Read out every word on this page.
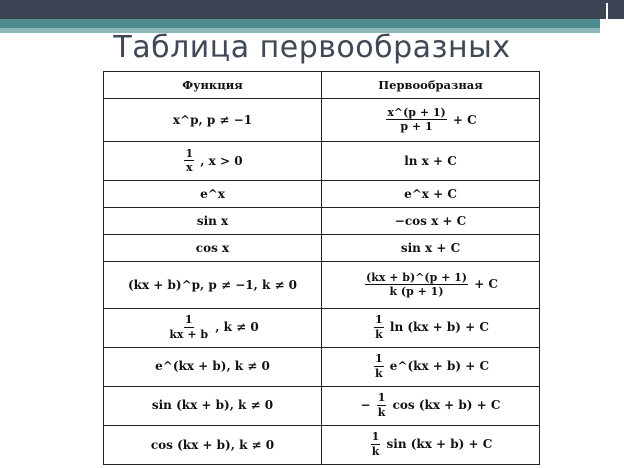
Таблица первообразных
Функция	Первообразная
x^p, p ≠ −1	$\frac{x\^{}(p + 1)}{p + 1} + C$

$\frac{1}{x}$ , x > 0	ln x + C
e^x	e^x + C
sin x	−cos x + C
cos x	sin x + C
(kx + b)^p, p ≠ −1, k ≠ 0	$\frac{(kx + b)\^{}(p + 1)}{k (p + 1)} + C$

$\frac{1}{kx + b}$ , k ≠ 0	$\frac{1}{k}$ ln (kx + b) + C
e^(kx + b), k ≠ 0	$\frac{1}{k}$ e^(kx + b) + C
sin (kx + b), k ≠ 0	− $\frac{1}{k}$ cos (kx + b) + C
cos (kx + b), k ≠ 0	$\frac{1}{k}$ sin (kx + b) + C
